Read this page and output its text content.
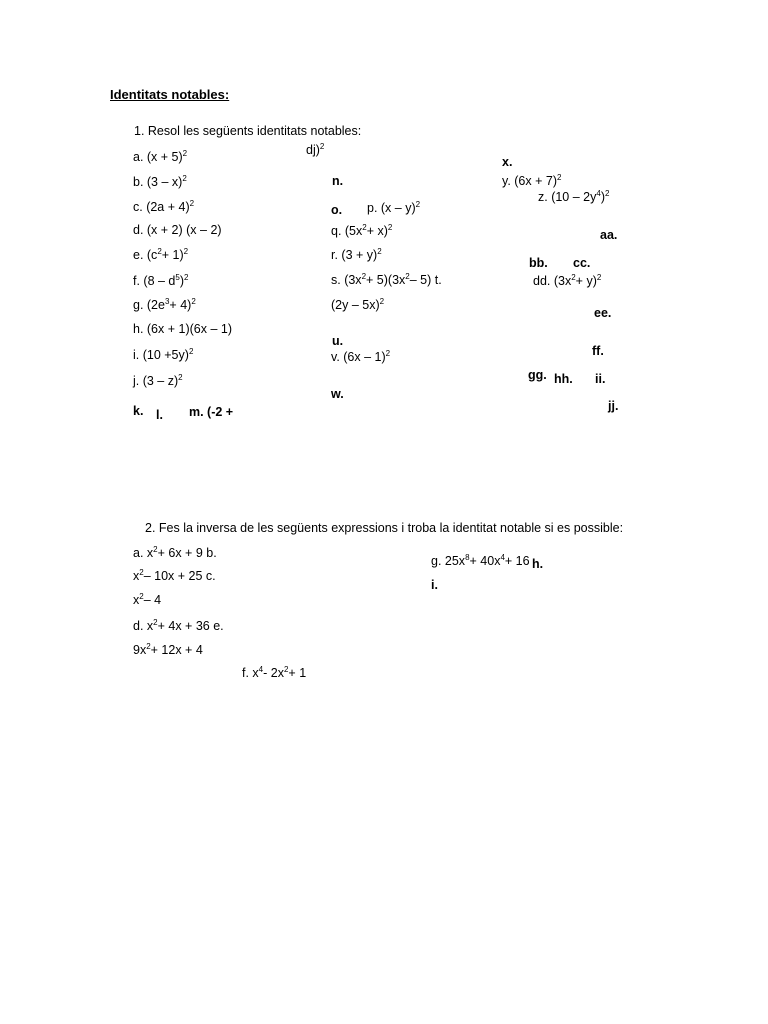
Identitats notables:
1. Resol les següents identitats notables:
a. $(x + 5)^2$
b. (3 – x)$^2$
c. $(2a + 4)^2$
d. (x + 2) (x – 2)
e. $(c^2+ 1)^2$
f. $(8 - d^5)^2$
g. $(2e^3+ 4)^2$
h. (6x + 1)(6x – 1)
i. $(10 +5y)^2$
j. (3 – z)$^2$
k. l. m. (-2 +
dj)$^2$
n.
o. p. (x – y)$^2$
q. $(5x^2+ x)^2$
r. $(3 + y)^2$
s. $(3x^2+ 5)(3x^2-$ 5) t.
(2y – 5x)$^2$
u.
v. (6x – 1)$^2$
w.
x.
y. $(6x + 7)^2$
z. $(10 - 2y^4)^2$
aa.
bb. cc.
dd. $(3x^2+ y)^2$
ee.
ff.
gg. hh. ii.
jj.
2. Fes la inversa de les següents expressions i troba la identitat notable si es possible:
a. $x^2+ 6x + 9$ b.
$x^2-$ 10x + 25 c.
$x^2-$ 4
d. $x^2+ 4x + 36$ e.
$9x^2+ 12x + 4$
f. $x^4-$ $2x^2+ 1$
g. $25x^8+ 40x^4+ 16$ h.
i.
